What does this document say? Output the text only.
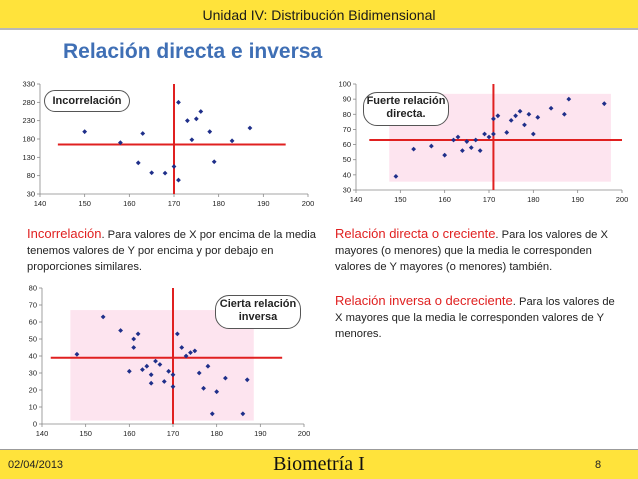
Unidad IV: Distribución Bidimensional
Relación directa e inversa
140	150	160	170	180	190	200
30
80
130
180
230
280
330
Incorrelación
140	150	160	170	180	190	200
30
40
50
60
70
80
90
100
Fuerte relación directa.
140	150	160	170	180	190	200
0
10
20
30
40
50
60
70
80
Cierta relación inversa

Incorrelación. Para valores de X por encima de la media tenemos valores de Y por encima y por debajo en proporciones similares.

Relación directa o creciente. Para los valores de X mayores (o menores) que la media le corresponden valores de Y mayores (o menores) también.

Relación inversa o decreciente. Para los valores de X mayores que la media le corresponden valores de Y menores.

02/04/2013	Biometría I	8
